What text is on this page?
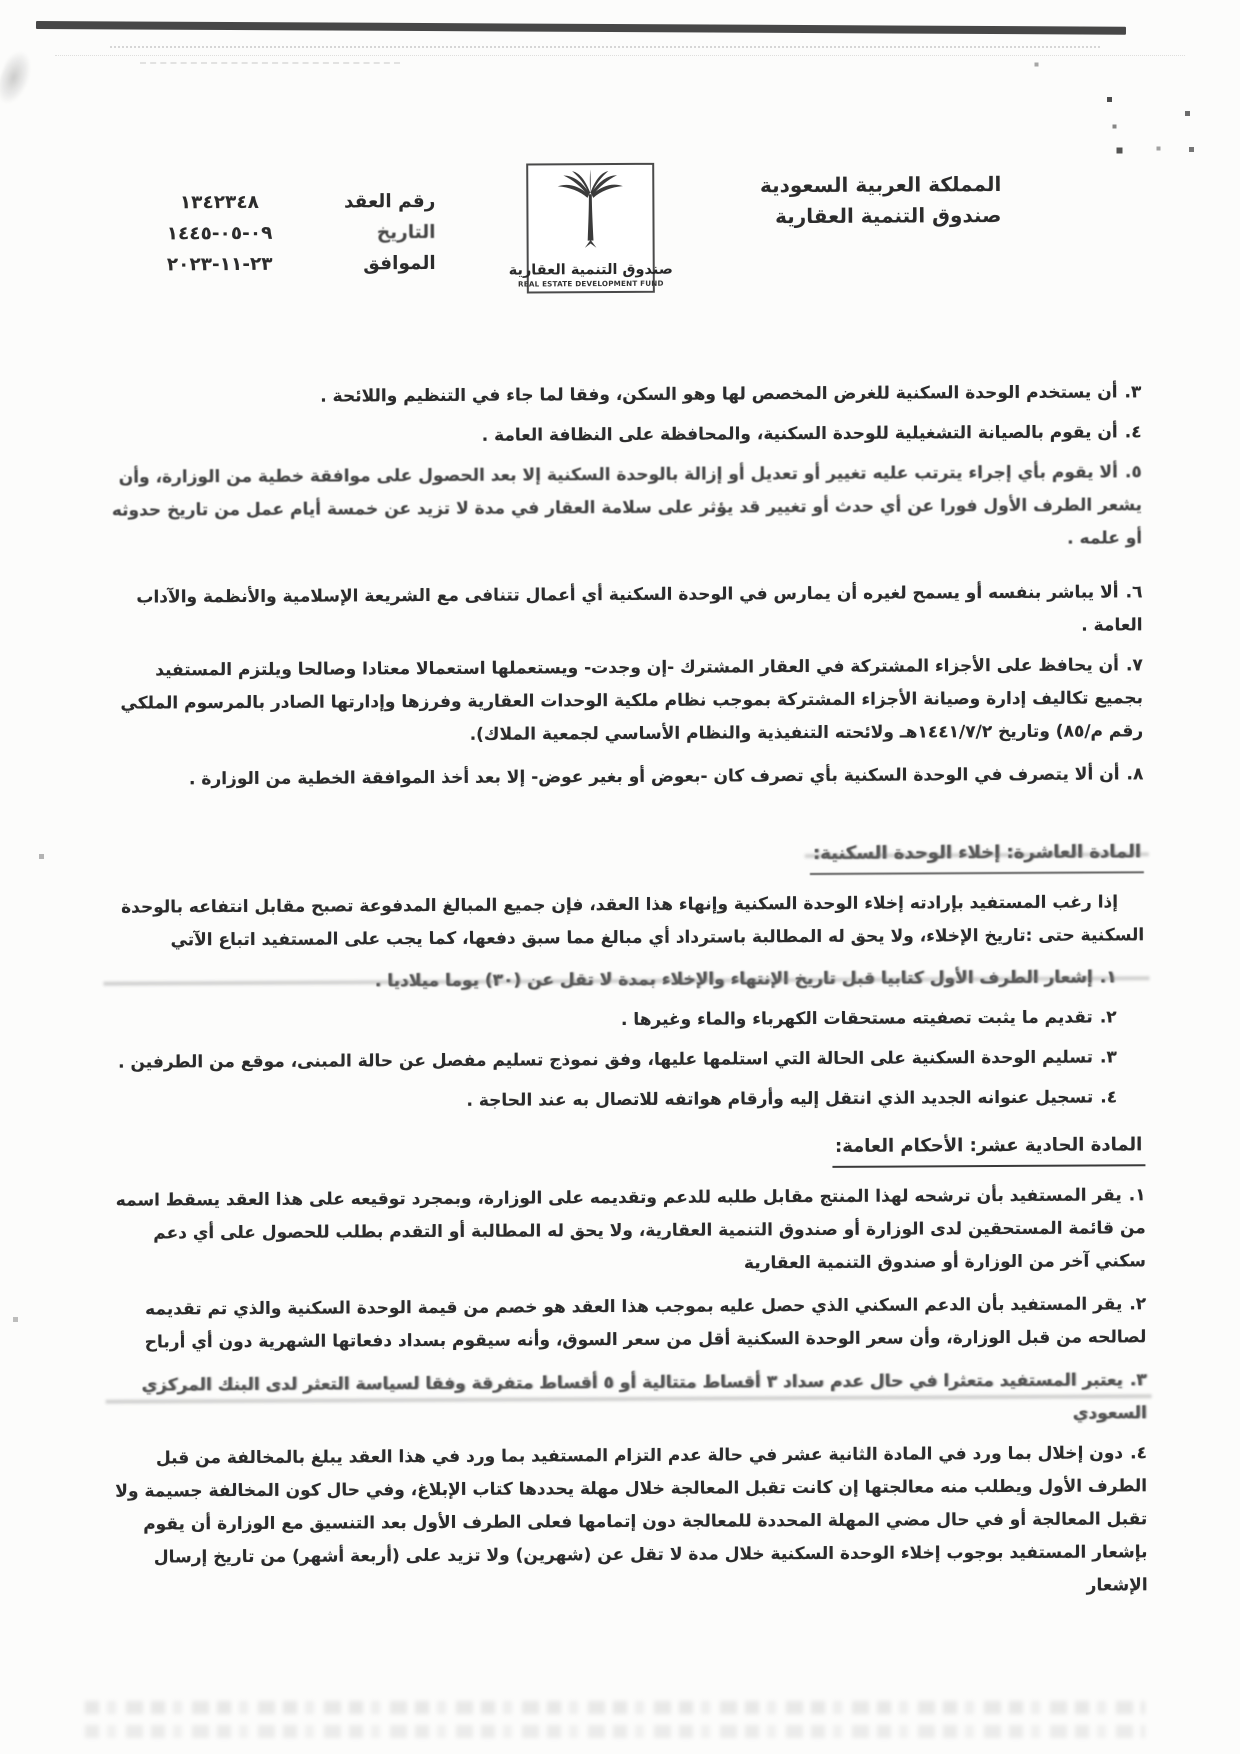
المملكة العربية السعودية
صندوق التنمية العقارية
صندوق التنمية العقارية
REAL ESTATE DEVELOPMENT FUND
رقم العقد
١٣٤٢٣٤٨
التاريخ
٠٩-٠٥-١٤٤٥
الموافق
٢٣-١١-٢٠٢٣

٣.أن يستخدم الوحدة السكنية للغرض المخصص لها وهو السكن، وفقا لما جاء في التنظيم واللائحة .

٤.أن يقوم بالصيانة التشغيلية للوحدة السكنية، والمحافظة على النظافة العامة .

٥.ألا يقوم بأي إجراء يترتب عليه تغيير أو تعديل أو إزالة بالوحدة السكنية إلا بعد الحصول على موافقة خطية من الوزارة، وأن يشعر الطرف الأول فورا عن أي حدث أو تغيير قد يؤثر على سلامة العقار في مدة لا تزيد عن خمسة أيام عمل من تاريخ حدوثه أو علمه .

٦.ألا يباشر بنفسه أو يسمح لغيره أن يمارس في الوحدة السكنية أي أعمال تتنافى مع الشريعة الإسلامية والأنظمة والآداب العامة .

٧.أن يحافظ على الأجزاء المشتركة في العقار المشترك -إن وجدت- ويستعملها استعمالا معتادا وصالحا ويلتزم المستفيد بجميع تكاليف إدارة وصيانة الأجزاء المشتركة بموجب نظام ملكية الوحدات العقارية وفرزها وإدارتها الصادر بالمرسوم الملكي رقم م/٨٥) وتاريخ ١٤٤١/٧/٢هـ ولائحته التنفيذية والنظام الأساسي لجمعية الملاك).

٨.أن ألا يتصرف في الوحدة السكنية بأي تصرف كان -بعوض أو بغير عوض- إلا بعد أخذ الموافقة الخطية من الوزارة .

المادة العاشرة: إخلاء الوحدة السكنية:

إذا رغب المستفيد بإرادته إخلاء الوحدة السكنية وإنهاء هذا العقد، فإن جميع المبالغ المدفوعة تصبح مقابل انتفاعه بالوحدة السكنية حتى :تاريخ الإخلاء، ولا يحق له المطالبة باسترداد أي مبالغ مما سبق دفعها، كما يجب على المستفيد اتباع الآتي

١.إشعار الطرف الأول كتابيا قبل تاريخ الإنتهاء والإخلاء بمدة لا تقل عن (٣٠) يوما ميلاديا .

٢.تقديم ما يثبت تصفيته مستحقات الكهرباء والماء وغيرها .

٣.تسليم الوحدة السكنية على الحالة التي استلمها عليها، وفق نموذج تسليم مفصل عن حالة المبنى، موقع من الطرفين .

٤.تسجيل عنوانه الجديد الذي انتقل إليه وأرقام هواتفه للاتصال به عند الحاجة .

المادة الحادية عشر: الأحكام العامة:

١.يقر المستفيد بأن ترشحه لهذا المنتج مقابل طلبه للدعم وتقديمه على الوزارة، وبمجرد توقيعه على هذا العقد يسقط اسمه من قائمة المستحقين لدى الوزارة أو صندوق التنمية العقارية، ولا يحق له المطالبة أو التقدم بطلب للحصول على أي دعم سكني آخر من الوزارة أو صندوق التنمية العقارية

٢.يقر المستفيد بأن الدعم السكني الذي حصل عليه بموجب هذا العقد هو خصم من قيمة الوحدة السكنية والذي تم تقديمه لصالحه من قبل الوزارة، وأن سعر الوحدة السكنية أقل من سعر السوق، وأنه سيقوم بسداد دفعاتها الشهرية دون أي أرباح

٣.يعتبر المستفيد متعثرا في حال عدم سداد ٣ أقساط متتالية أو ٥ أقساط متفرقة وفقا لسياسة التعثر لدى البنك المركزي السعودي

٤.دون إخلال بما ورد في المادة الثانية عشر في حالة عدم التزام المستفيد بما ورد في هذا العقد يبلغ بالمخالفة من قبل الطرف الأول ويطلب منه معالجتها إن كانت تقبل المعالجة خلال مهلة يحددها كتاب الإبلاغ، وفي حال كون المخالفة جسيمة ولا تقبل المعالجة أو في حال مضي المهلة المحددة للمعالجة دون إتمامها فعلى الطرف الأول بعد التنسيق مع الوزارة أن يقوم بإشعار المستفيد بوجوب إخلاء الوحدة السكنية خلال مدة لا تقل عن (شهرين) ولا تزيد على (أربعة أشهر) من تاريخ إرسال الإشعار
